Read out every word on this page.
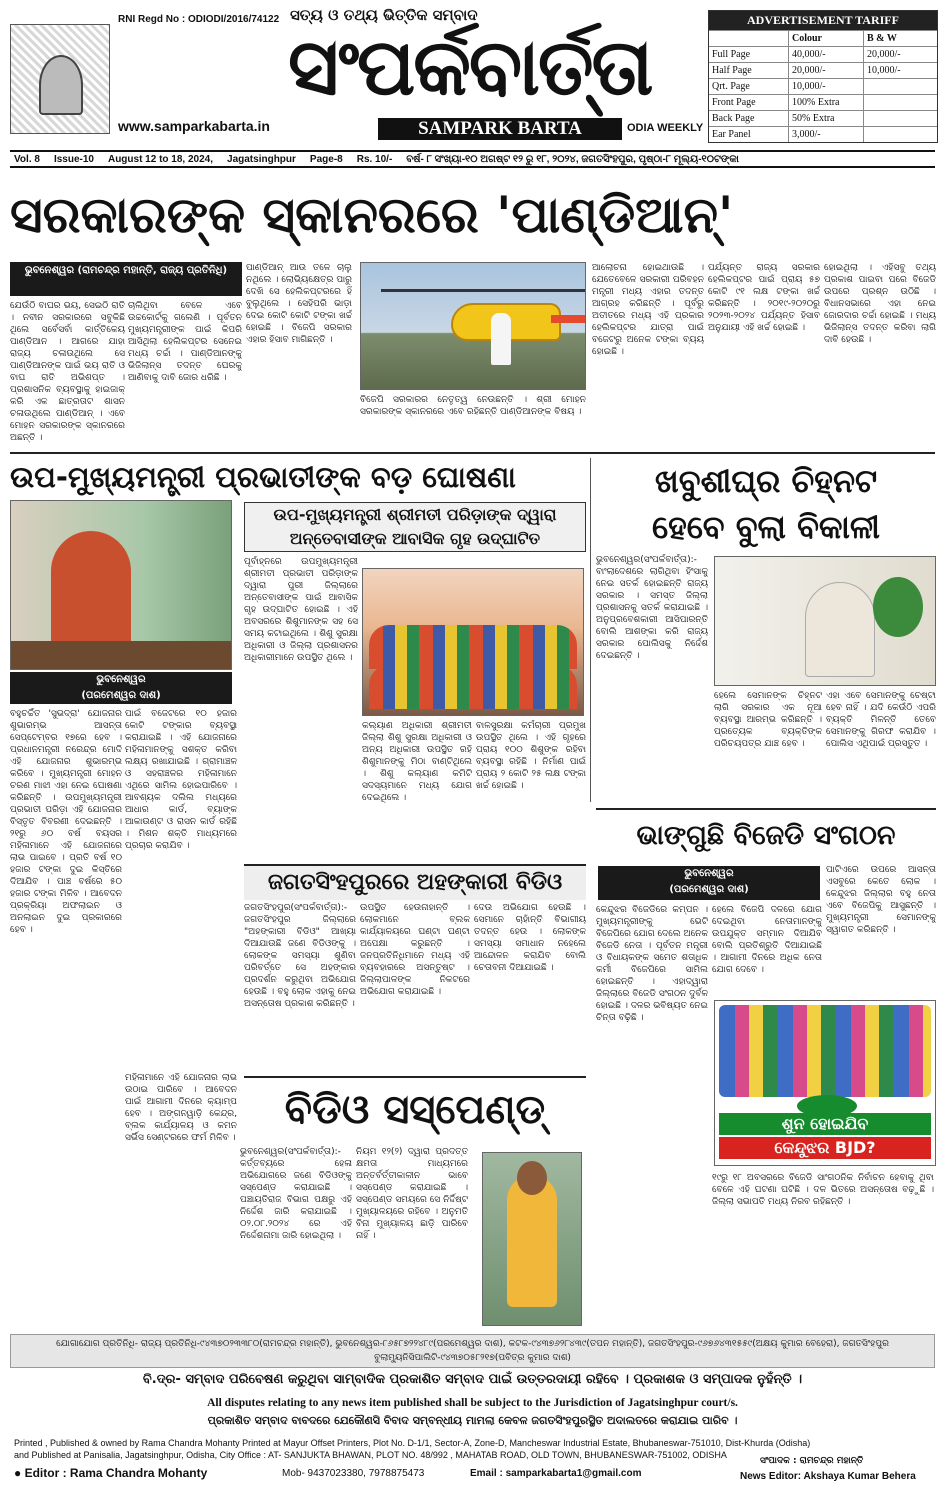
RNI Regd No : ODIODI/2016/74122 ସତ୍ୟ ଓ ତଥ୍ୟ ଭିତ୍ତିକ ସମ୍ବାଦ
ସଂପର୍କବାର୍ତ୍ତା
SAMPARK BARTA	ODIA WEEKLY
www.samparkabarta.in
ADVERTISEMENT TARIFF
Colour	B & W
Full Page	40,000/-	20,000/-
Half Page	20,000/-	10,000/-
Qrt. Page	10,000/-
Front Page	100% Extra
Back Page	50% Extra
Ear Panel	3,000/-
Vol. 8 Issue-10 August 12 to 18, 2024, Jagatsinghpur Page-8 Rs. 10/- ବର୍ଷ- ୮ ସଂଖ୍ୟା-୧୦ ଅଗଷ୍ଟ ୧୨ ରୁ ୧୮, ୨୦୨୪, ଜଗତସିଂହପୁର, ପୃଷ୍ଠା-୮ ମୂଲ୍ୟ-୧୦ଟଙ୍କା
ସରକାରଙ୍କ ସ୍କାନରରେ 'ପାଣ୍ଡିଆନ୍'
ଭୁବନେଶ୍ୱର (ରାମଚନ୍ଦ୍ର ମହାନ୍ତି, ରାଜ୍ୟ ପ୍ରତିନିଧି)
ଯେଉଁଠି ବାଘର ଭୟ, ସେଇଠି ରାତି । ନବୀନ ସରକାରରେ ସବୁକିଛି ଥିଲେ ସର୍ବେସର୍ବା କାର୍ତ୍ତିକେୟ ପାଣ୍ଡିଆନ । ଆଗରେ ଯାହା ରାଜ୍ୟ ଚଳାଉଥିଲେ ସେ ପାଣ୍ଡିଆନଙ୍କ ପାଇଁ ଭୟ ରାତି ଓ ବାଘ ରାତି ଅଭିଶପ୍ତ । ପ୍ରଶାସନିକ ବ୍ୟବସ୍ଥାକୁ ହାଇଜାକ୍ କରି ଏକ ଛାତ୍ରତାଟ ଶାସନ ଚଳାଉଥିଲେ ପାଣ୍ଡିଆନ୍ । ଏବେ ମୋହନ ସରକାରଙ୍କ ସ୍କାନରରେ ଅଛନ୍ତି ।
ଚାଲିଥିବା ବେଳେ ଏବେ ଉଚ୍ଚକୋର୍ଟକୁ ଗଲେଣି । ପୂର୍ବତନ ମୁଖ୍ୟମନ୍ତ୍ରୀଙ୍କ ପାଇଁ କିପରି ଆସିଥିଲା ହେଲିକପ୍ଟର ସେନେଇ ମଧ୍ୟ ଚର୍ଚ୍ଚା । ପାଣ୍ଡିଆନଙ୍କୁ ଭିଜିଲାନ୍ସ ତଦନ୍ତ ଘେରକୁ ଆଣିବାକୁ ଦାବି ଜୋର ଧରିଛି ।
ପାଣ୍ଡିଆନ୍ ଆଉ ତଳେ ଚାଲୁ ନଥିଲେ । ଲୋଭ୍ୟିକ୍ଷେତ୍ର ପାରୁ ଦେଖି ସେ ହେଲିକପ୍ଟରରେ ହିଁ ବୁଲୁଥିଲେ । ସେହିପରି ଭାଡ଼ା ଦେଇ କୋଟି କୋଟି ଟଙ୍କା ଖର୍ଚ୍ଚ ହୋଇଛି । ବିଜେପି ସରକାର ଏହାର ହିସାବ ମାଗିଛନ୍ତି ।
ବିଜେପି ସରକାରର ନେତୃତ୍ୱ ନେଉଛନ୍ତି । ଶ୍ରୀ ମୋହନ ସରକାରଙ୍କ ସ୍କାନରରେ ଏବେ ରହିଛନ୍ତି ପାଣ୍ଡିଆନଙ୍କ ବିଷୟ ।
ଆଲୋଚନା ହୋଇଥାଉଛି । ଯେତେବେଳେ ସରକାରୀ ପରିବହନ ମନ୍ତ୍ରୀ ମଧ୍ୟ ଏହାର ତଦନ୍ତ ଆଗ୍ରହ କରିଛନ୍ତି । ପୂର୍ବରୁ ଅତୀତରେ ମଧ୍ୟ ଏହି ପ୍ରକାର ହେଲିକପ୍ଟର ଯାତ୍ରା ପାଇଁ ବଜେଟରୁ ଅନେକ ଟଙ୍କା ବ୍ୟୟ ହୋଇଛି ।
ପର୍ଯ୍ୟନ୍ତ ରାଜ୍ୟ ସରକାର ହେଲିକପ୍ଟର ପାଇଁ ପ୍ରାୟ ୫୭ କୋଟି ୯୧ ଲକ୍ଷ ଟଙ୍କା ଖର୍ଚ୍ଚ କରିଛନ୍ତି । ୨୦୧୯-୨୦୨୦ରୁ ୨୦୨୩-୨୦୨୪ ପର୍ଯ୍ୟନ୍ତ ହିସାବ ଅନୁଯାୟୀ ଏହି ଖର୍ଚ୍ଚ ହୋଇଛି ।
ହୋଇଥିଲା । ଏହିସବୁ ତଥ୍ୟ ପ୍ରକାଶ ପାଇବା ପରେ ବିଜେଡି ଉପରେ ପ୍ରଶ୍ନ ଉଠିଛି । ବିଧାନସଭାରେ ଏହା ନେଇ ଜୋରଦାର ଚର୍ଚ୍ଚା ହୋଇଛି । ମଧ୍ୟ ଭିଜିଲାନ୍ସ ତଦନ୍ତ କରିବା ଲାଗି ଦାବି ହେଉଛି ।
ଉପ-ମୁଖ୍ୟମନ୍ତ୍ରୀ ପ୍ରଭାତୀଙ୍କ ବଡ଼ ଘୋଷଣା
ଭୁବନେଶ୍ୱର
(ପରମେଶ୍ୱର ଦାଶ)
ବହୁଚର୍ଚ୍ଚିତ 'ସୁଭଦ୍ରା' ଯୋଜନାର ଶୁଭାରମ୍ଭ ଆସନ୍ତା ସେପ୍ଟେମ୍ବର ୧୭ରେ ହେବ । ପ୍ରଧାନମନ୍ତ୍ରୀ ନରେନ୍ଦ୍ର ମୋଦି ଏହି ଯୋଜନାର ଶୁଭାରମ୍ଭ କରିବେ । ମୁଖ୍ୟମନ୍ତ୍ରୀ ମୋହନ ଚରଣ ମାଝୀ ଏହା ନେଇ ଘୋଷଣା କରିଛନ୍ତି । ଉପମୁଖ୍ୟମନ୍ତ୍ରୀ ପ୍ରଭାତୀ ପରିଡ଼ା ଏହି ଯୋଜନାର ବିସ୍ତୃତ ବିବରଣୀ ଦେଇଛନ୍ତି । ୨୧ରୁ ୬୦ ବର୍ଷ ବୟସର ମହିଳାମାନେ ଏହି ଯୋଜନାରେ ଲାଭ ପାଇବେ । ପ୍ରତି ବର୍ଷ ୧୦ ହଜାର ଟଙ୍କା ଦୁଇ କିସ୍ତିରେ ଦିଆଯିବ । ପାଞ୍ଚ ବର୍ଷରେ ୫୦ ହଜାର ଟଙ୍କା ମିଳିବ । ଆବେଦନ ପ୍ରକ୍ରିୟା ଅଫଲାଇନ ଓ ଅନଲାଇନ ଦୁଇ ପ୍ରକାରରେ ହେବ ।
ପାଇଁ ବଜେଟରେ ୧୦ ହଜାର କୋଟି ଟଙ୍କାର ବ୍ୟବସ୍ଥା କରାଯାଇଛି । ଏହି ଯୋଜନାରେ ମହିଳାମାନଙ୍କୁ ସଶକ୍ତ କରିବା ଲକ୍ଷ୍ୟ ରଖାଯାଇଛି । ଗ୍ରାମାଞ୍ଚଳ ଓ ସହରାଞ୍ଚଳର ମହିଳାମାନେ ଏଥିରେ ସାମିଲ ହୋଇପାରିବେ । ଆବଶ୍ୟକ ଦଲିଲ ମଧ୍ୟରେ ଆଧାର କାର୍ଡ, ବ୍ୟାଙ୍କ ଆକାଉଣ୍ଟ ଓ ରାସନ କାର୍ଡ ରହିଛି । ମିଶନ ଶକ୍ତି ମାଧ୍ୟମରେ ପ୍ରଚାର କରାଯିବ ।
ଉପ-ମୁଖ୍ୟମନ୍ତ୍ରୀ ଶ୍ରୀମତୀ ପରିଡ଼ାଙ୍କ ଦ୍ୱାରା
ଅନ୍ତେବାସୀଙ୍କ ଆବାସିକ ଗୃହ ଉଦ୍‌ଘାଟିତ
ପୂର୍ବାହ୍ନରେ ଉପମୁଖ୍ୟମନ୍ତ୍ରୀ ଶ୍ରୀମତୀ ପ୍ରଭାତୀ ପରିଡ଼ାଙ୍କ ଦ୍ୱାରା ପୁରୀ ଜିଲ୍ଲାରେ ଅନ୍ତେବାସୀଙ୍କ ପାଇଁ ଆବାସିକ ଗୃହ ଉଦ୍‌ଘାଟିତ ହୋଇଛି । ଏହି ଅବସରରେ ଶିଶୁମାନଙ୍କ ସହ ସେ ସମୟ କଟାଇଥିଲେ । ଶିଶୁ ସୁରକ୍ଷା ଅଧିକାରୀ ଓ ଜିଲ୍ଲା ପ୍ରଶାସନର ଅଧିକାରୀମାନେ ଉପସ୍ଥିତ ଥିଲେ ।
କଲ୍ୟାଣ ଅଧିକାରୀ ଶ୍ରୀମତୀ ଜିଲ୍ଲା ଶିଶୁ ସୁରକ୍ଷା ଅଧିକାରୀ ଓ ଅନ୍ୟ ଅଧିକାରୀ ଉପସ୍ଥିତ ରହି ଶିଶୁମାନଙ୍କୁ ମିଠା ବାଣ୍ଟିଥିଲେ । ଶିଶୁ କଲ୍ୟାଣ କମିଟି ସଦସ୍ୟମାନେ ମଧ୍ୟ ଯୋଗ ଦେଇଥିଲେ ।
ବାଳସୁରକ୍ଷା କର୍ମଚାରୀ ପ୍ରମୁଖ ଉପସ୍ଥିତ ଥିଲେ । ଏହି ଗୃହରେ ପ୍ରାୟ ୧୦୦ ଶିଶୁଙ୍କ ରହିବା ବ୍ୟବସ୍ଥା ରହିଛି । ନିର୍ମାଣ ପାଇଁ ପ୍ରାୟ ୨ କୋଟି ୨୫ ଲକ୍ଷ ଟଙ୍କା ଖର୍ଚ୍ଚ ହୋଇଛି ।
ଖବୁଶୀଘ୍ର ଚିହ୍ନଟ
ହେବେ ବୁଲା ବିକାଳୀ
ଭୁବନେଶ୍ୱର(ସଂପର୍କବାର୍ତ୍ତା):- ବାଂଲାଦେଶରେ ଲାଗିଥିବା ହିଂସାକୁ ନେଇ ସତର୍କ ହୋଇଛନ୍ତି ରାଜ୍ୟ ସରକାର । ସମସ୍ତ ଜିଲ୍ଲା ପ୍ରଶାସନକୁ ସତର୍କ କରାଯାଇଛି । ଅନୁପ୍ରବେଶକାରୀ ଆସିପାରନ୍ତି ବୋଲି ଆଶଙ୍କା କରି ରାଜ୍ୟ ସରକାର ପୋଲିସକୁ ନିର୍ଦ୍ଦେଶ ଦେଇଛନ୍ତି ।
ହେଲେ ସେମାନଙ୍କ ଚିହ୍ନଟ ଲାଗି ସରକାର ଏକ ନୂଆ ବ୍ୟବସ୍ଥା ଆରମ୍ଭ କରିଛନ୍ତି । ପ୍ରତ୍ୟେକ ବ୍ୟକ୍ତିଙ୍କ ପରିଚୟପତ୍ର ଯାଞ୍ଚ ହେବ ।
ଏହା ଏବେ ସେମାନଙ୍କୁ ଚେଷ୍ଟା ହେବ ନାହିଁ । ଯଦି କେଉଁଠି ଏପରି ବ୍ୟକ୍ତି ମିଳନ୍ତି ତେବେ ସେମାନଙ୍କୁ ଗିରଫ କରାଯିବ । ପୋଲିସ ଏଥିପାଇଁ ପ୍ରସ୍ତୁତ ।
ଭାଙ୍ଗୁଛି ବିଜେଡି ସଂଗଠନ
ଭୁବନେଶ୍ୱର
(ପରମେଶ୍ୱର ଦାଶ)
କେନ୍ଦୁଝର ବିଜେଡିରେ କମ୍ପନ । ମୁଖ୍ୟମନ୍ତ୍ରୀଙ୍କୁ ଭେଟି ବିଜେପିରେ ଯୋଗ ଦେଲେ ଅନେକ ବିଜେଡି ନେତା । ପୂର୍ବତନ ମନ୍ତ୍ରୀ ଓ ବିଧାୟକଙ୍କ ସମେତ ଶତାଧିକ କର୍ମୀ ବିଜେପିରେ ସାମିଲ ହୋଇଛନ୍ତି । ଏହାଦ୍ୱାରା ଜିଲ୍ଲାରେ ବିଜେଡି ସଂଗଠନ ଦୁର୍ବଳ ହୋଇଛି । ଦଳର ଭବିଷ୍ୟତ ନେଇ ଚିନ୍ତା ବଢ଼ିଛି ।
ପାଟିଏରେ ଉପରେ ଆସନ୍ତା ଏସବୁରେ କେତେ ଲୋକ । କେନ୍ଦୁଝର ଜିଲ୍ଲାର ବହୁ ନେତା ଏବେ ବିଜେପିକୁ ଆସୁଛନ୍ତି । ମୁଖ୍ୟମନ୍ତ୍ରୀ ସେମାନଙ୍କୁ ସ୍ୱାଗତ କରିଛନ୍ତି ।
ହେଲେ ବିଜେପି ଦଳରେ ଯୋଗ ଦେଇଥିବା ନେତାମାନଙ୍କୁ ଉପଯୁକ୍ତ ସମ୍ମାନ ଦିଆଯିବ ବୋଲି ପ୍ରତିଶ୍ରୁତି ଦିଆଯାଇଛି । ଆଗାମୀ ଦିନରେ ଅଧିକ ନେତା ଯୋଗ ଦେବେ ।
ଶୁନ ହୋଇଯିବ
କେନ୍ଦୁଝର BJD?
୧୯ରୁ ୧୮ ଅବସରରେ ବିଜେଡି ସାଂଗଠନିକ ନିର୍ବାଚନ ହେବାକୁ ଥିବା ବେଳେ ଏହି ଘଟଣା ଘଟିଛି । ଦଳ ଭିତରେ ଅସନ୍ତୋଷ ବଢ଼ୁଛି । ଜିଲ୍ଲା ସଭାପତି ମଧ୍ୟ ନିରବ ରହିଛନ୍ତି ।
ଜଗତସିଂହପୁରରେ ଅହଙ୍କାରୀ ବିଡିଓ
ଜଗତସିଂହପୁର(ସଂପର୍କବାର୍ତ୍ତା):- ଜଗତସିଂହପୁର ଜିଲ୍ଲାରେ "ଅହଙ୍କାରୀ ବିଡିଓ" ଆଖ୍ୟା ଦିଆଯାଉଛି ଜଣେ ବିଡିଓଙ୍କୁ । ଲୋକଙ୍କ ସମସ୍ୟା ଶୁଣିବା ପରିବର୍ତ୍ତେ ସେ ଅହଙ୍କାର ପ୍ରଦର୍ଶନ କରୁଥିବା ଅଭିଯୋଗ ହେଉଛି । ବହୁ ଲୋକ ଏହାକୁ ନେଇ ଅସନ୍ତୋଷ ପ୍ରକାଶ କରିଛନ୍ତି ।
ଉପସ୍ଥିତ ହେଉନାହାନ୍ତି । ଲୋକମାନେ ବ୍ଲକ କାର୍ଯ୍ୟାଳୟରେ ଘଣ୍ଟା ଘଣ୍ଟା ଅପେକ୍ଷା କରୁଛନ୍ତି । ଜନପ୍ରତିନିଧିମାନେ ମଧ୍ୟ ଏହି ବ୍ୟବହାରରେ ଅସନ୍ତୁଷ୍ଟ । ଜିଲ୍ଲାପାଳଙ୍କ ନିକଟରେ ଅଭିଯୋଗ କରାଯାଇଛି ।
ଦେଉ ଅଭିଯୋଗ ହେଉଛି । ସେମାନେ ଚାହାଁନ୍ତି ବିଭାଗୀୟ ତଦନ୍ତ ହେଉ । ଲୋକଙ୍କ ସମସ୍ୟା ସମାଧାନ ନହେଲେ ଆନ୍ଦୋଳନ କରାଯିବ ବୋଲି ଚେତାବନୀ ଦିଆଯାଇଛି ।
ବିଡିଓ ସସ୍‌ପେଣ୍ଡ୍
ଭୁବନେଶ୍ୱର(ସଂପର୍କବାର୍ତ୍ତା):- କର୍ତ୍ତବ୍ୟରେ ହେଳା ଅଭିଯୋଗରେ ଜଣେ ବିଡିଓଙ୍କୁ ସସ୍‌ପେଣ୍ଡ କରାଯାଇଛି । ପଞ୍ଚାୟତିରାଜ ବିଭାଗ ପକ୍ଷରୁ ଏହି ନିର୍ଦ୍ଦେଶ ଜାରି କରାଯାଇଛି । ୦୨.୦୮.୨୦୨୪ ରେ ଏହି ନିର୍ଦ୍ଦେଶନାମା ଜାରି ହୋଇଥିଲା ।
ନିୟମ ୧୨(୨) ଦ୍ୱାରା ପ୍ରଦତ୍ତ କ୍ଷମତା ମାଧ୍ୟମରେ ଅନ୍ତର୍ବର୍ତ୍ତୀକାଳୀନ ଭାବେ ସସ୍‌ପେଣ୍ଡ କରାଯାଇଛି । ସସ୍‌ପେଣ୍ଡ ସମୟରେ ସେ ନିର୍ଦ୍ଦିଷ୍ଟ ମୁଖ୍ୟାଳୟରେ ରହିବେ । ଅନୁମତି ବିନା ମୁଖ୍ୟାଳୟ ଛାଡ଼ି ପାରିବେ ନାହିଁ ।
ମହିଳାମାନେ ଏହି ଯୋଜନାର ଲାଭ ଉଠାଇ ପାରିବେ । ଆବେଦନ ପାଇଁ ଆଗାମୀ ଦିନରେ କ୍ୟାମ୍ପ ହେବ । ଅଙ୍ଗନୱାଡ଼ି କେନ୍ଦ୍ର, ବ୍ଲକ କାର୍ଯ୍ୟାଳୟ ଓ କମନ ସର୍ଭିସ ସେଣ୍ଟରରେ ଫର୍ମ ମିଳିବ ।
ଯୋଗାଯୋଗ ପ୍ରତିନିଧି- ରାଜ୍ୟ ପ୍ରତିନିଧି-୯୪୩୭୦୨୩୩୮୦(ରାମଚନ୍ଦ୍ର ମହାନ୍ତି), ଭୁବନେଶ୍ୱର-୮୬୫୮୭୨୨୪୮୯(ପରମେଶ୍ୱର ଦାଶ), କଟକ-୯୪୩୭୬୨୮୪୩୯(ତପନ ମହାନ୍ତି), ଜଗତସିଂହପୁର-୯୬୭୬୪୩୧୫୫୯(ଅକ୍ଷୟ କୁମାର ବେହେରା), ଜଗତସିଂହପୁର ବୁଲାମ୍ୟୁନିସିପାଲିଟି-୯୪୩୭୦୫୮୨୧୭(ପବିତ୍ର କୁମାର ଦାଶ)
ବି.ଦ୍ର- ସମ୍ବାଦ ପରିବେଷଣ କରୁଥିବା ସାମ୍ବାଦିକ ପ୍ରକାଶିତ ସମ୍ବାଦ ପାଇଁ ଉତ୍ତରଦାୟୀ ରହିବେ । ପ୍ରକାଶକ ଓ ସମ୍ପାଦକ ନୁହଁନ୍ତି ।
All disputes relating to any news item published shall be subject to the Jurisdiction of Jagatsinghpur court/s.
ପ୍ରକାଶିତ ସମ୍ବାଦ ବାବଦରେ ଯେକୌଣସି ବିବାଦ ସମ୍ବନ୍ଧୀୟ ମାମଲା କେବଳ ଜଗତସିଂହପୁରସ୍ଥିତ ଅଦାଲତରେ କରାଯାଇ ପାରିବ ।
Printed , Published & owned by Rama Chandra Mohanty Printed at Mayur Offset Printers, Plot No. D-1/1, Sector-A, Zone-D, Mancheswar Industrial Estate, Bhubaneswar-751010, Dist-Khurda (Odisha)
and Published at Panisalia, Jagatsinghpur, Odisha, City Office : AT- SANJUKTA BHAWAN, PLOT NO. 48/992 , MAHATAB ROAD, OLD TOWN, BHUBANESWAR-751002, ODISHA
● Editor : Rama Chandra Mohanty	Mob- 9437023380, 7978875473	Email : samparkabarta1@gmail.com
ସଂପାଦକ : ରାମଚନ୍ଦ୍ର ମହାନ୍ତି
News Editor: Akshaya Kumar Behera
